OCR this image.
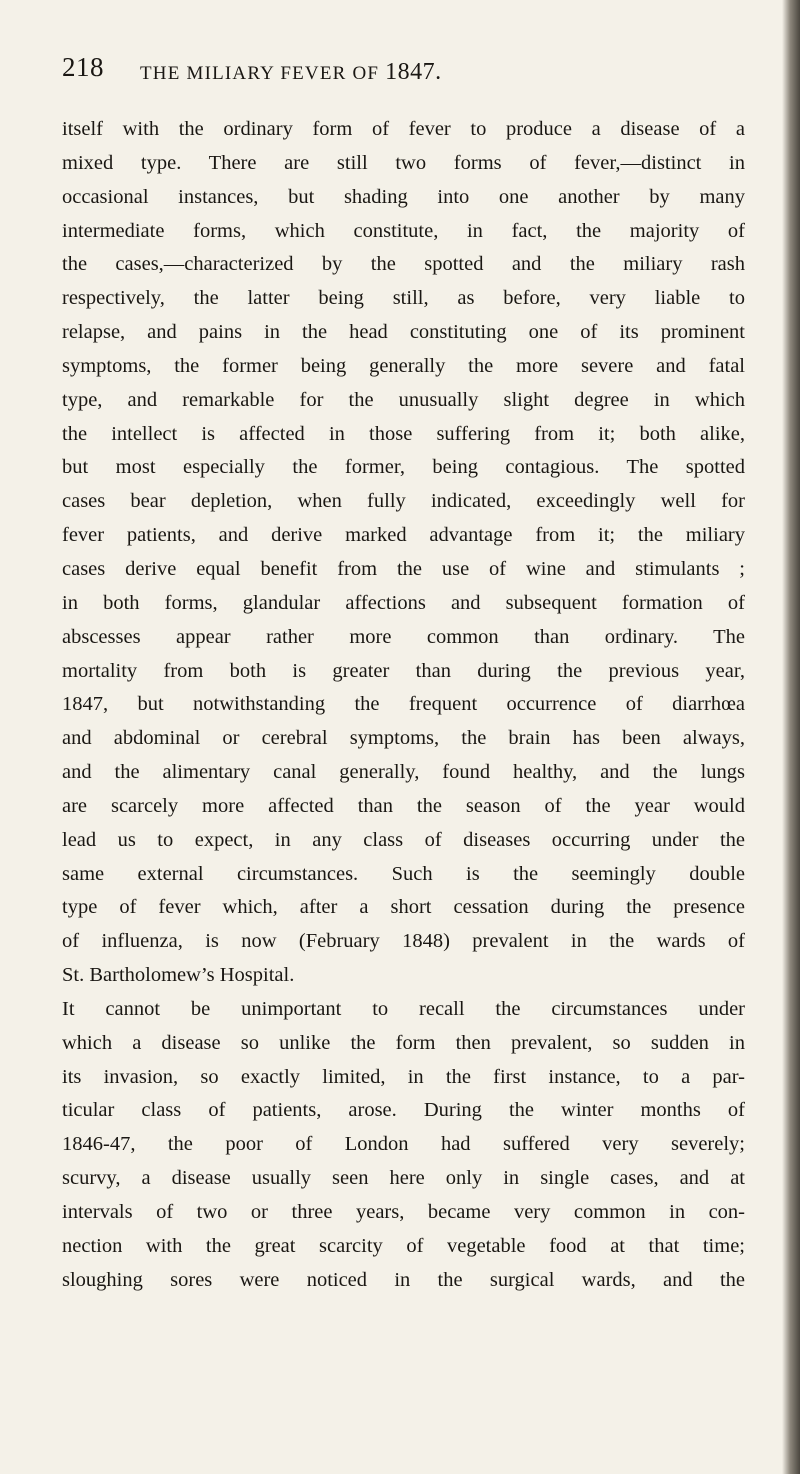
218 THE MILIARY FEVER OF 1847.
itself with the ordinary form of fever to produce a disease of a
mixed type. There are still two forms of fever,—distinct in
occasional instances, but shading into one another by many
intermediate forms, which constitute, in fact, the majority of
the cases,—characterized by the spotted and the miliary rash
respectively, the latter being still, as before, very liable to
relapse, and pains in the head constituting one of its prominent
symptoms, the former being generally the more severe and fatal
type, and remarkable for the unusually slight degree in which
the intellect is affected in those suffering from it; both alike,
but most especially the former, being contagious. The spotted
cases bear depletion, when fully indicated, exceedingly well for
fever patients, and derive marked advantage from it; the miliary
cases derive equal benefit from the use of wine and stimulants ;
in both forms, glandular affections and subsequent formation of
abscesses appear rather more common than ordinary. The
mortality from both is greater than during the previous year,
1847, but notwithstanding the frequent occurrence of diarrhœa
and abdominal or cerebral symptoms, the brain has been always,
and the alimentary canal generally, found healthy, and the lungs
are scarcely more affected than the season of the year would
lead us to expect, in any class of diseases occurring under the
same external circumstances. Such is the seemingly double
type of fever which, after a short cessation during the presence
of influenza, is now (February 1848) prevalent in the wards of
St. Bartholomew’s Hospital.
It cannot be unimportant to recall the circumstances under
which a disease so unlike the form then prevalent, so sudden in
its invasion, so exactly limited, in the first instance, to a par-
ticular class of patients, arose. During the winter months of
1846-47, the poor of London had suffered very severely;
scurvy, a disease usually seen here only in single cases, and at
intervals of two or three years, became very common in con-
nection with the great scarcity of vegetable food at that time;
sloughing sores were noticed in the surgical wards, and the
